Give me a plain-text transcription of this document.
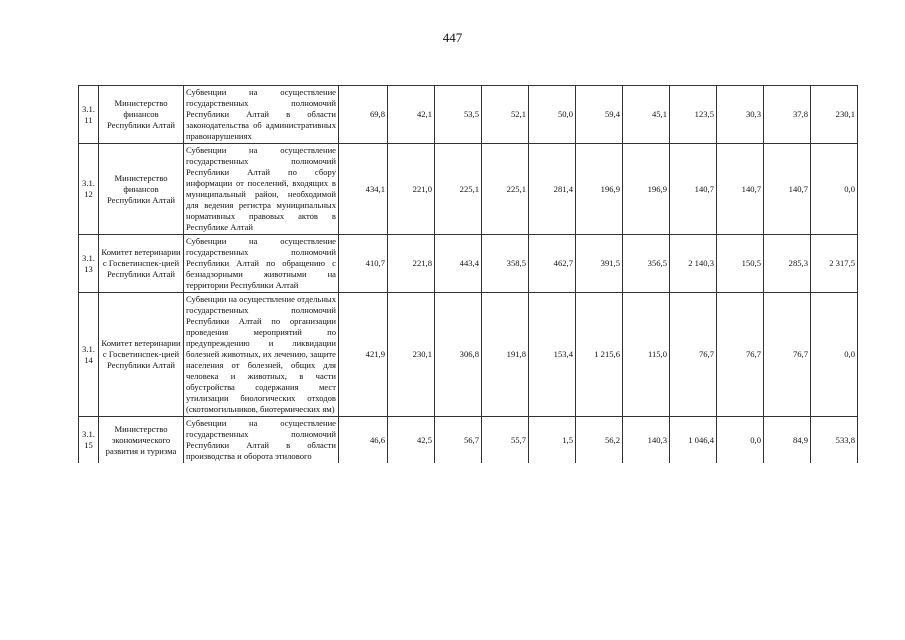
447
3.1.11	Министерство финансов Республики Алтай	Субвенции на осуществление государственных полномочий Республики Алтай в области законодательства об административных правонарушениях	69,8	42,1	53,5	52,1	50,0	59,4	45,1	123,5	30,3	37,8	230,1
3.1.12	Министерство финансов Республики Алтай	Субвенции на осуществление государственных полномочий Республики Алтай по сбору информации от поселений, входящих в муниципальный район, необходимой для ведения регистра муниципальных нормативных правовых актов в Республике Алтай	434,1	221,0	225,1	225,1	281,4	196,9	196,9	140,7	140,7	140,7	0,0
3.1.13	Комитет ветеринарии с Госветинспек-цией Республики Алтай	Субвенции на осуществление государственных полномочий Республики Алтай по обращению с безнадзорными животными на территории Республики Алтай	410,7	221,8	443,4	358,5	462,7	391,5	356,5	2 140,3	150,5	285,3	2 317,5
3.1.14	Комитет ветеринарии с Госветинспек-цией Республики Алтай	Субвенции на осуществление отдельных государственных полномочий Республики Алтай по организации проведения мероприятий по предупреждению и ликвидации болезней животных, их лечению, защите населения от болезней, общих для человека и животных, в части обустройства содержания мест утилизации биологических отходов (скотомогильников, биотермических ям)	421,9	230,1	306,8	191,8	153,4	1 215,6	115,0	76,7	76,7	76,7	0,0
3.1.15	Министерство экономического развития и туризма	Субвенции на осуществление государственных полномочий Республики Алтай в области производства и оборота этилового	46,6	42,5	56,7	55,7	1,5	56,2	140,3	1 046,4	0,0	84,9	533,8
